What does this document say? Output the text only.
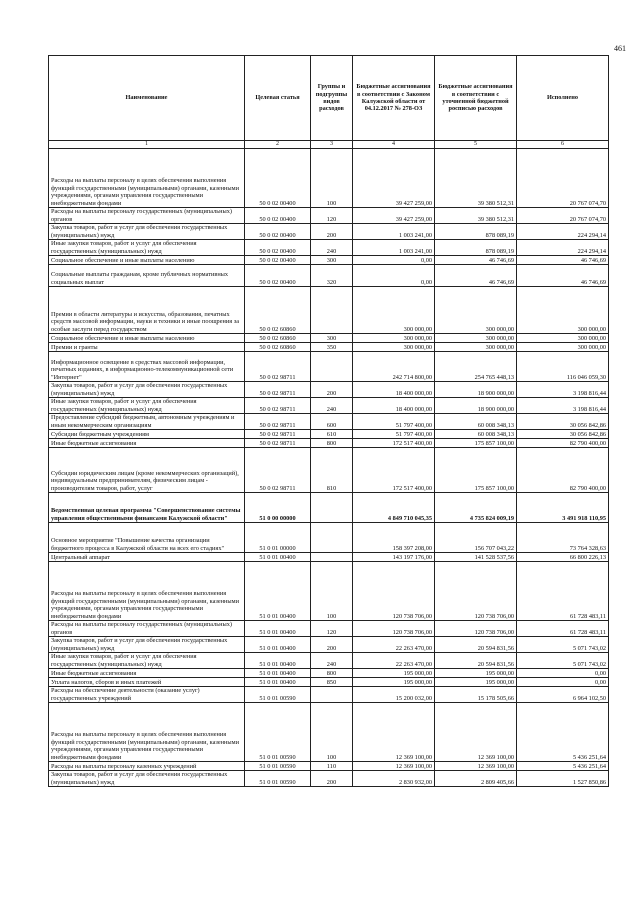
461
Наименование	Целевая статья	Группы и подгруппы видов расходов	Бюджетные ассигнования в соответствии с Законом Калужской области от 04.12.2017 № 278-ОЗ	Бюджетные ассигнования в соответствии с уточненной бюджетной росписью расходов	Исполнено
1	2	3	4	5	6
Расходы на выплаты персоналу в целях обеспечения выполнения функций государственными (муниципальными) органами, казенными учреждениями, органами управления государственными внебюджетными фондами	50 0 02 00400	100	39 427 259,00	39 380 512,31	20 767 074,70
Расходы на выплаты персоналу государственных (муниципальных) органов	50 0 02 00400	120	39 427 259,00	39 380 512,31	20 767 074,70
Закупка товаров, работ и услуг для обеспечения государственных (муниципальных) нужд	50 0 02 00400	200	1 003 241,00	878 089,19	224 294,14
Иные закупки товаров, работ и услуг для обеспечения государственных (муниципальных) нужд	50 0 02 00400	240	1 003 241,00	878 089,19	224 294,14
Социальное обеспечение и иные выплаты населению	50 0 02 00400	300	0,00	46 746,69	46 746,69
Социальные выплаты гражданам, кроме публичных нормативных социальных выплат	50 0 02 00400	320	0,00	46 746,69	46 746,69
Премии в области литературы и искусства, образования, печатных средств массовой информации, науки и техники и иные поощрения за особые заслуги перед государством	50 0 02 60860		300 000,00	300 000,00	300 000,00
Социальное обеспечение и иные выплаты населению	50 0 02 60860	300	300 000,00	300 000,00	300 000,00
Премии и гранты	50 0 02 60860	350	300 000,00	300 000,00	300 000,00
Информационное освещение в средствах массовой информации, печатных изданиях, в информационно-телекоммуникационной сети "Интернет"	50 0 02 98711		242 714 800,00	254 765 448,13	116 046 059,30
Закупка товаров, работ и услуг для обеспечения государственных (муниципальных) нужд	50 0 02 98711	200	18 400 000,00	18 900 000,00	3 198 816,44
Иные закупки товаров, работ и услуг для обеспечения государственных (муниципальных) нужд	50 0 02 98711	240	18 400 000,00	18 900 000,00	3 198 816,44
Предоставление субсидий бюджетным, автономным учреждениям и иным некоммерческим организациям	50 0 02 98711	600	51 797 400,00	60 008 348,13	30 056 842,86
Субсидии бюджетным учреждениям	50 0 02 98711	610	51 797 400,00	60 008 348,13	30 056 842,86
Иные бюджетные ассигнования	50 0 02 98711	800	172 517 400,00	175 857 100,00	82 790 400,00
Субсидии юридическим лицам (кроме некоммерческих организаций), индивидуальным предпринимателям, физическим лицам - производителям товаров, работ, услуг	50 0 02 98711	810	172 517 400,00	175 857 100,00	82 790 400,00
Ведомственная целевая программа "Совершенствование системы управления общественными финансами Калужской области"	51 0 00 00000		4 849 710 045,35	4 735 824 009,19	3 491 918 110,95
Основное мероприятие "Повышение качества организации бюджетного процесса в Калужской области на всех его стадиях"	51 0 01 00000		158 397 208,00	156 707 043,22	73 764 328,63
Центральный аппарат	51 0 01 00400		143 197 176,00	141 528 537,56	66 800 226,13
Расходы на выплаты персоналу в целях обеспечения выполнения функций государственными (муниципальными) органами, казенными учреждениями, органами управления государственными внебюджетными фондами	51 0 01 00400	100	120 738 706,00	120 738 706,00	61 728 483,11
Расходы на выплаты персоналу государственных (муниципальных) органов	51 0 01 00400	120	120 738 706,00	120 738 706,00	61 728 483,11
Закупка товаров, работ и услуг для обеспечения государственных (муниципальных) нужд	51 0 01 00400	200	22 263 470,00	20 594 831,56	5 071 743,02
Иные закупки товаров, работ и услуг для обеспечения государственных (муниципальных) нужд	51 0 01 00400	240	22 263 470,00	20 594 831,56	5 071 743,02
Иные бюджетные ассигнования	51 0 01 00400	800	195 000,00	195 000,00	0,00
Уплата налогов, сборов и иных платежей	51 0 01 00400	850	195 000,00	195 000,00	0,00
Расходы на обеспечение деятельности (оказание услуг) государственных учреждений	51 0 01 00590		15 200 032,00	15 178 505,66	6 964 102,50
Расходы на выплаты персоналу в целях обеспечения выполнения функций государственными (муниципальными) органами, казенными учреждениями, органами управления государственными внебюджетными фондами	51 0 01 00590	100	12 369 100,00	12 369 100,00	5 436 251,64
Расходы на выплаты персоналу казенных учреждений	51 0 01 00590	110	12 369 100,00	12 369 100,00	5 436 251,64
Закупка товаров, работ и услуг для обеспечения государственных (муниципальных) нужд	51 0 01 00590	200	2 830 932,00	2 809 405,66	1 527 850,86
